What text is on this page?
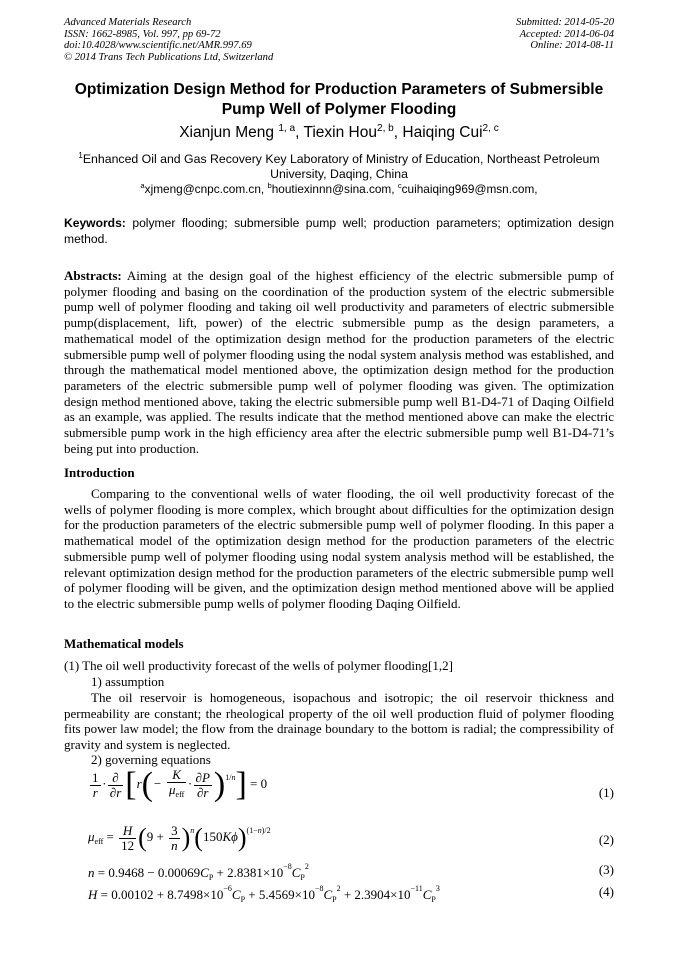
Advanced Materials Research
ISSN: 1662-8985, Vol. 997, pp 69-72
doi:10.4028/www.scientific.net/AMR.997.69
© 2014 Trans Tech Publications Ltd, Switzerland
Submitted: 2014-05-20
Accepted: 2014-06-04
Online: 2014-08-11
Optimization Design Method for Production Parameters of Submersible Pump Well of Polymer Flooding
Xianjun Meng $^{1, a}$, Tiexin Hou$^{2, b}$, Haiqing Cui$^{2, c}$
$^1$Enhanced Oil and Gas Recovery Key Laboratory of Ministry of Education, Northeast Petroleum University, Daqing, China
$^a$xjmeng@cnpc.com.cn, $^b$houtiexinnn@sina.com, $^c$cuihaiqing969@msn.com,
Keywords: polymer flooding; submersible pump well; production parameters; optimization design method.
Abstracts: Aiming at the design goal of the highest efficiency of the electric submersible pump of polymer flooding and basing on the coordination of the production system of the electric submersible pump well of polymer flooding and taking oil well productivity and parameters of electric submersible pump(displacement, lift, power) of the electric submersible pump as the design parameters, a mathematical model of the optimization design method for the production parameters of the electric submersible pump well of polymer flooding using the nodal system analysis method was established, and through the mathematical model mentioned above, the optimization design method for the production parameters of the electric submersible pump well of polymer flooding was given. The optimization design method mentioned above, taking the electric submersible pump well B1-D4-71 of Daqing Oilfield as an example, was applied. The results indicate that the method mentioned above can make the electric submersible pump work in the high efficiency area after the electric submersible pump well B1-D4-71’s being put into production.
Introduction
Comparing to the conventional wells of water flooding, the oil well productivity forecast of the wells of polymer flooding is more complex, which brought about difficulties for the optimization design for the production parameters of the electric submersible pump well of polymer flooding. In this paper a mathematical model of the optimization design method for the production parameters of the electric submersible pump well of polymer flooding using nodal system analysis method will be established, the relevant optimization design method for the production parameters of the electric submersible pump well of polymer flooding will be given, and the optimization design method mentioned above will be applied to the electric submersible pump wells of polymer flooding Daqing Oilfield.
Mathematical models
(1) The oil well productivity forecast of the wells of polymer flooding[1,2]
1) assumption
The oil reservoir is homogeneous, isopachous and isotropic; the oil reservoir thickness and permeability are constant; the rheological property of the oil well production fluid of polymer flooding fits power law model; the flow from the drainage boundary to the bottom is radial; the compressibility of gravity and system is neglected.
2) governing equations
$\frac{1}{r} \cdot \frac{\partial}{\partial r} [r(- \frac{K}{\mu_{eff}} \cdot \frac{\partial P}{\partial r} )^{1/n}] = 0$
(1)
$\mu_{eff} = \frac{H}{12} (9 + \frac{3}{n} )^n(150K\phi)^{(1-n)/2}$
(2)
$n = 0.9468 - 0.00069C_P + 2.8381\times 10^{-8}C_P^2$	(3)
$H = 0.00102 + 8.7498\times 10^{-6}C_P + 5.4569\times 10^{-8}C_P^2 + 2.3904\times 10^{-11}C_P^3$	(4)
